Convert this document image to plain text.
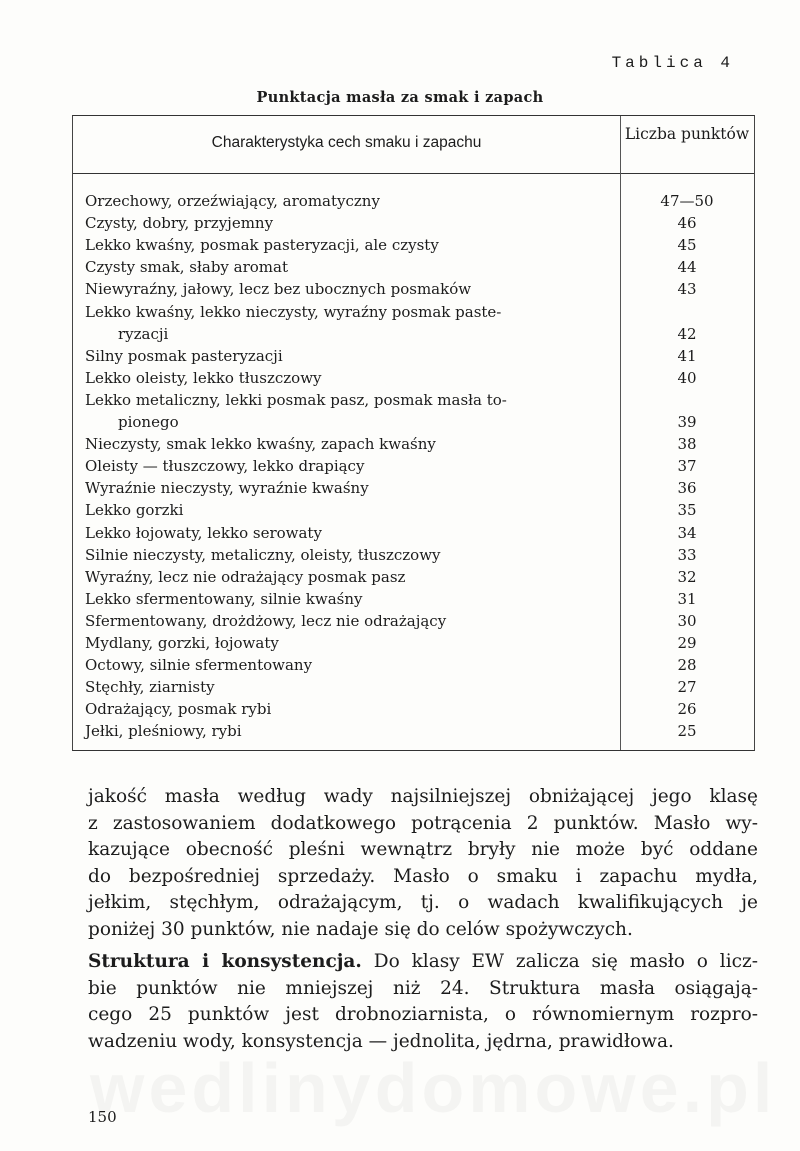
Tablica 4
Punktacja masła za smak i zapach
Charakterystyka cech smaku i zapachu	Liczba punktów
Orzechowy, orzeźwiający, aromatyczny	47—50
Czysty, dobry, przyjemny	46
Lekko kwaśny, posmak pasteryzacji, ale czysty	45
Czysty smak, słaby aromat	44
Niewyraźny, jałowy, lecz bez ubocznych posmaków	43
Lekko kwaśny, lekko nieczysty, wyraźny posmak paste-
ryzacji	42
Silny posmak pasteryzacji	41
Lekko oleisty, lekko tłuszczowy	40
Lekko metaliczny, lekki posmak pasz, posmak masła to-
pionego	39
Nieczysty, smak lekko kwaśny, zapach kwaśny	38
Oleisty — tłuszczowy, lekko drapiący	37
Wyraźnie nieczysty, wyraźnie kwaśny	36
Lekko gorzki	35
Lekko łojowaty, lekko serowaty	34
Silnie nieczysty, metaliczny, oleisty, tłuszczowy	33
Wyraźny, lecz nie odrażający posmak pasz	32
Lekko sfermentowany, silnie kwaśny	31
Sfermentowany, drożdżowy, lecz nie odrażający	30
Mydlany, gorzki, łojowaty	29
Octowy, silnie sfermentowany	28
Stęchły, ziarnisty	27
Odrażający, posmak rybi	26
Jełki, pleśniowy, rybi	25
jakość masła według wady najsilniejszej obniżającej jego klasę
z zastosowaniem dodatkowego potrącenia 2 punktów. Masło wy-
kazujące obecność pleśni wewnątrz bryły nie może być oddane
do bezpośredniej sprzedaży. Masło o smaku i zapachu mydła,
jełkim, stęchłym, odrażającym, tj. o wadach kwalifikujących je
poniżej 30 punktów, nie nadaje się do celów spożywczych.
Struktura i konsystencja. Do klasy EW zalicza się masło o licz-
bie punktów nie mniejszej niż 24. Struktura masła osiągają-
cego 25 punktów jest drobnoziarnista, o równomiernym rozpro-
wadzeniu wody, konsystencja — jednolita, jędrna, prawidłowa.
150
